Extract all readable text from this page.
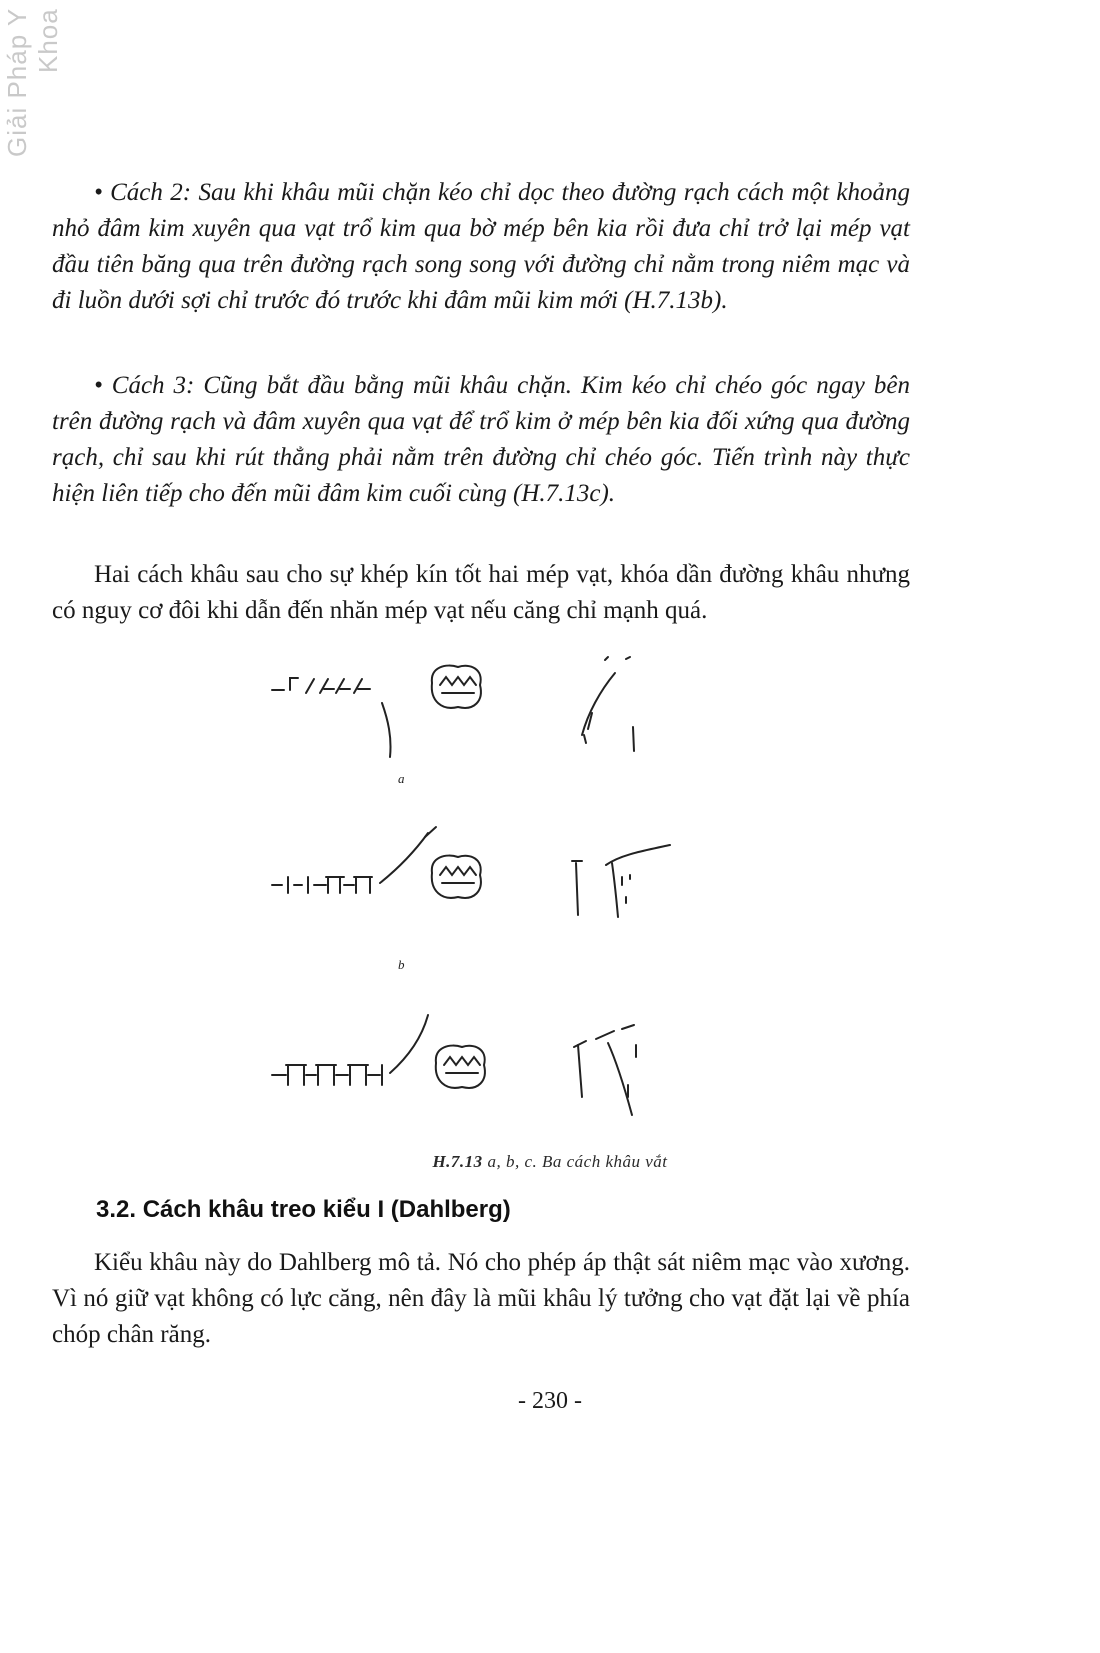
Giải Pháp Y Khoa

• Cách 2: Sau khi khâu mũi chặn kéo chỉ dọc theo đường rạch cách một khoảng nhỏ đâm kim xuyên qua vạt trổ kim qua bờ mép bên kia rồi đưa chỉ trở lại mép vạt đầu tiên băng qua trên đường rạch song song với đường chỉ nằm trong niêm mạc và đi luồn dưới sợi chỉ trước đó trước khi đâm mũi kim mới (H.7.13b).

• Cách 3: Cũng bắt đầu bằng mũi khâu chặn. Kim kéo chỉ chéo góc ngay bên trên đường rạch và đâm xuyên qua vạt để trổ kim ở mép bên kia đối xứng qua đường rạch, chỉ sau khi rút thẳng phải nằm trên đường chỉ chéo góc. Tiến trình này thực hiện liên tiếp cho đến mũi đâm kim cuối cùng (H.7.13c).

Hai cách khâu sau cho sự khép kín tốt hai mép vạt, khóa dần đường khâu nhưng có nguy cơ đôi khi dẫn đến nhăn mép vạt nếu căng chỉ mạnh quá.

a
b
H.7.13 a, b, c. Ba cách khâu vắt
3.2. Cách khâu treo kiểu I (Dahlberg)

Kiểu khâu này do Dahlberg mô tả. Nó cho phép áp thật sát niêm mạc vào xương. Vì nó giữ vạt không có lực căng, nên đây là mũi khâu lý tưởng cho vạt đặt lại về phía chóp chân răng.

- 230 -
